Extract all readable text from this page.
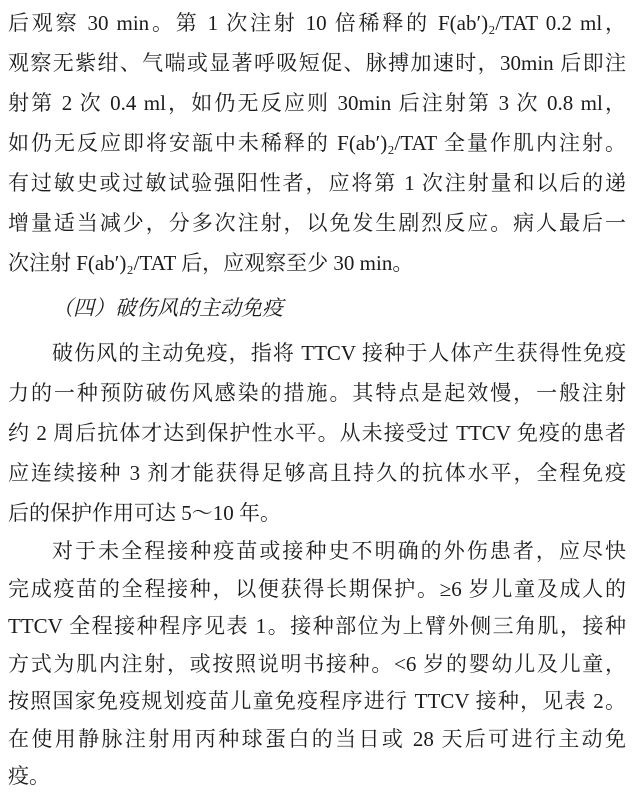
后观察 30 min。第 1 次注射 10 倍稀释的 F(ab′)₂/TAT 0.2 ml，
观察无紫绀、气喘或显著呼吸短促、脉搏加速时，30min 后即注
射第 2 次 0.4 ml，如仍无反应则 30min 后注射第 3 次 0.8 ml，
如仍无反应即将安瓿中未稀释的 F(ab′)₂/TAT 全量作肌内注射。
有过敏史或过敏试验强阳性者，应将第 1 次注射量和以后的递
增量适当减少，分多次注射，以免发生剧烈反应。病人最后一
次注射 F(ab′)₂/TAT 后，应观察至少 30 min。
（四）破伤风的主动免疫
破伤风的主动免疫，指将 TTCV 接种于人体产生获得性免疫
力的一种预防破伤风感染的措施。其特点是起效慢，一般注射
约 2 周后抗体才达到保护性水平。从未接受过 TTCV 免疫的患者
应连续接种 3 剂才能获得足够高且持久的抗体水平，全程免疫
后的保护作用可达 5～10 年。
对于未全程接种疫苗或接种史不明确的外伤患者，应尽快
完成疫苗的全程接种，以便获得长期保护。≥6 岁儿童及成人的
TTCV 全程接种程序见表 1。接种部位为上臂外侧三角肌，接种
方式为肌内注射，或按照说明书接种。<6 岁的婴幼儿及儿童，
按照国家免疫规划疫苗儿童免疫程序进行 TTCV 接种，见表 2。
在使用静脉注射用丙种球蛋白的当日或 28 天后可进行主动免
疫。
